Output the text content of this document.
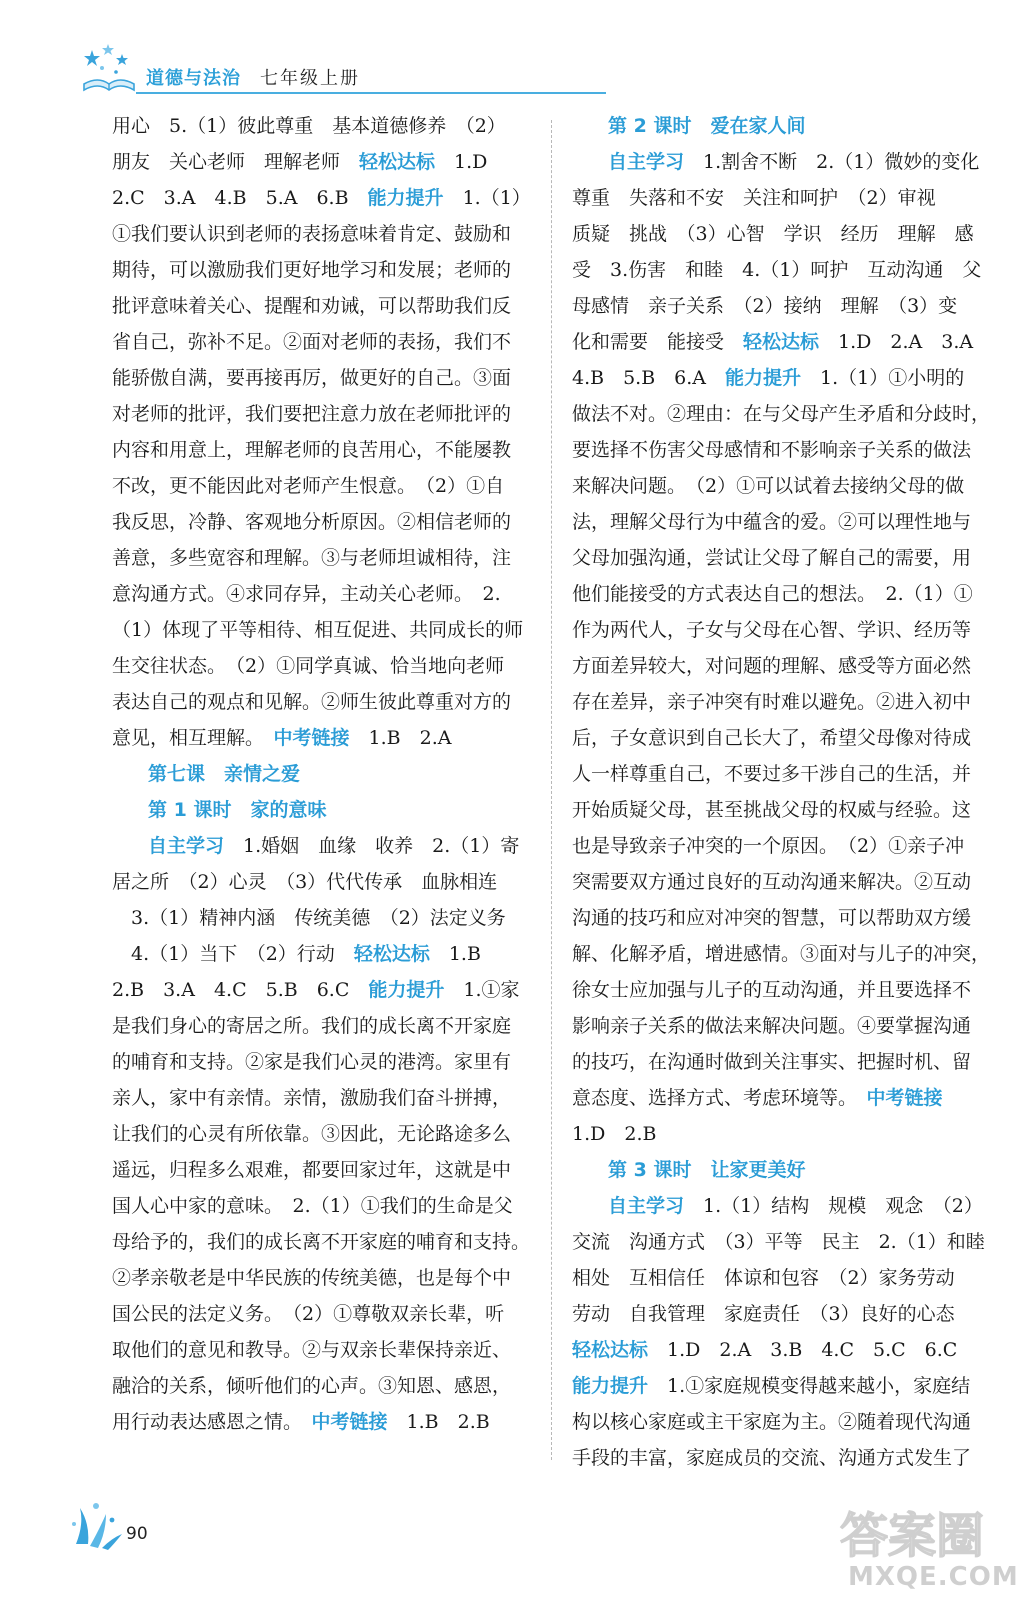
道德与法治 七年级上册
用心　5.（1）彼此尊重　基本道德修养　（2）
朋友　关心老师　理解老师　轻松达标　1.D
2.C　3.A　4.B　5.A　6.B　能力提升　1.（1）
①我们要认识到老师的表扬意味着肯定、鼓励和
期待，可以激励我们更好地学习和发展；老师的
批评意味着关心、提醒和劝诫，可以帮助我们反
省自己，弥补不足。②面对老师的表扬，我们不
能骄傲自满，要再接再厉，做更好的自己。③面
对老师的批评，我们要把注意力放在老师批评的
内容和用意上，理解老师的良苦用心，不能屡教
不改，更不能因此对老师产生恨意。　（2）①自
我反思，冷静、客观地分析原因。②相信老师的
善意，多些宽容和理解。③与老师坦诚相待，注
意沟通方式。④求同存异，主动关心老师。　2.
（1）体现了平等相待、相互促进、共同成长的师
生交往状态。　（2）①同学真诚、恰当地向老师
表达自己的观点和见解。②师生彼此尊重对方的
意见，相互理解。　中考链接　1.B　2.A
第七课　亲情之爱
第 1 课时　家的意味
自主学习　1.婚姻　血缘　收养　2.（1）寄
居之所　（2）心灵　（3）代代传承　血脉相连
　3.（1）精神内涵　传统美德　（2）法定义务
　4.（1）当下　（2）行动　轻松达标　1.B
2.B　3.A　4.C　5.B　6.C　能力提升　1.①家
是我们身心的寄居之所。我们的成长离不开家庭
的哺育和支持。②家是我们心灵的港湾。家里有
亲人，家中有亲情。亲情，激励我们奋斗拼搏，
让我们的心灵有所依靠。③因此，无论路途多么
遥远，归程多么艰难，都要回家过年，这就是中
国人心中家的意味。　2.（1）①我们的生命是父
母给予的，我们的成长离不开家庭的哺育和支持。
②孝亲敬老是中华民族的传统美德，也是每个中
国公民的法定义务。　（2）①尊敬双亲长辈，听
取他们的意见和教导。②与双亲长辈保持亲近、
融洽的关系，倾听他们的心声。③知恩、感恩，
用行动表达感恩之情。　中考链接　1.B　2.B
第 2 课时　爱在家人间
自主学习　1.割舍不断　2.（1）微妙的变化
尊重　失落和不安　关注和呵护　（2）审视
质疑　挑战　（3）心智　学识　经历　理解　感
受　3.伤害　和睦　4.（1）呵护　互动沟通　父
母感情　亲子关系　（2）接纳　理解　（3）变
化和需要　能接受　轻松达标　1.D　2.A　3.A
4.B　5.B　6.A　能力提升　1.（1）①小明的
做法不对。②理由：在与父母产生矛盾和分歧时，
要选择不伤害父母感情和不影响亲子关系的做法
来解决问题。　（2）①可以试着去接纳父母的做
法，理解父母行为中蕴含的爱。②可以理性地与
父母加强沟通，尝试让父母了解自己的需要，用
他们能接受的方式表达自己的想法。　2.（1）①
作为两代人，子女与父母在心智、学识、经历等
方面差异较大，对问题的理解、感受等方面必然
存在差异，亲子冲突有时难以避免。②进入初中
后，子女意识到自己长大了，希望父母像对待成
人一样尊重自己，不要过多干涉自己的生活，并
开始质疑父母，甚至挑战父母的权威与经验。这
也是导致亲子冲突的一个原因。　（2）①亲子冲
突需要双方通过良好的互动沟通来解决。②互动
沟通的技巧和应对冲突的智慧，可以帮助双方缓
解、化解矛盾，增进感情。③面对与儿子的冲突，
徐女士应加强与儿子的互动沟通，并且要选择不
影响亲子关系的做法来解决问题。④要掌握沟通
的技巧，在沟通时做到关注事实、把握时机、留
意态度、选择方式、考虑环境等。　中考链接
1.D　2.B
第 3 课时　让家更美好
自主学习　1.（1）结构　规模　观念　（2）
交流　沟通方式　（3）平等　民主　2.（1）和睦
相处　互相信任　体谅和包容　（2）家务劳动
劳动　自我管理　家庭责任　（3）良好的心态
轻松达标　1.D　2.A　3.B　4.C　5.C　6.C
能力提升　1.①家庭规模变得越来越小，家庭结
构以核心家庭或主干家庭为主。②随着现代沟通
手段的丰富，家庭成员的交流、沟通方式发生了
90	答案圈
MXQE.COM
